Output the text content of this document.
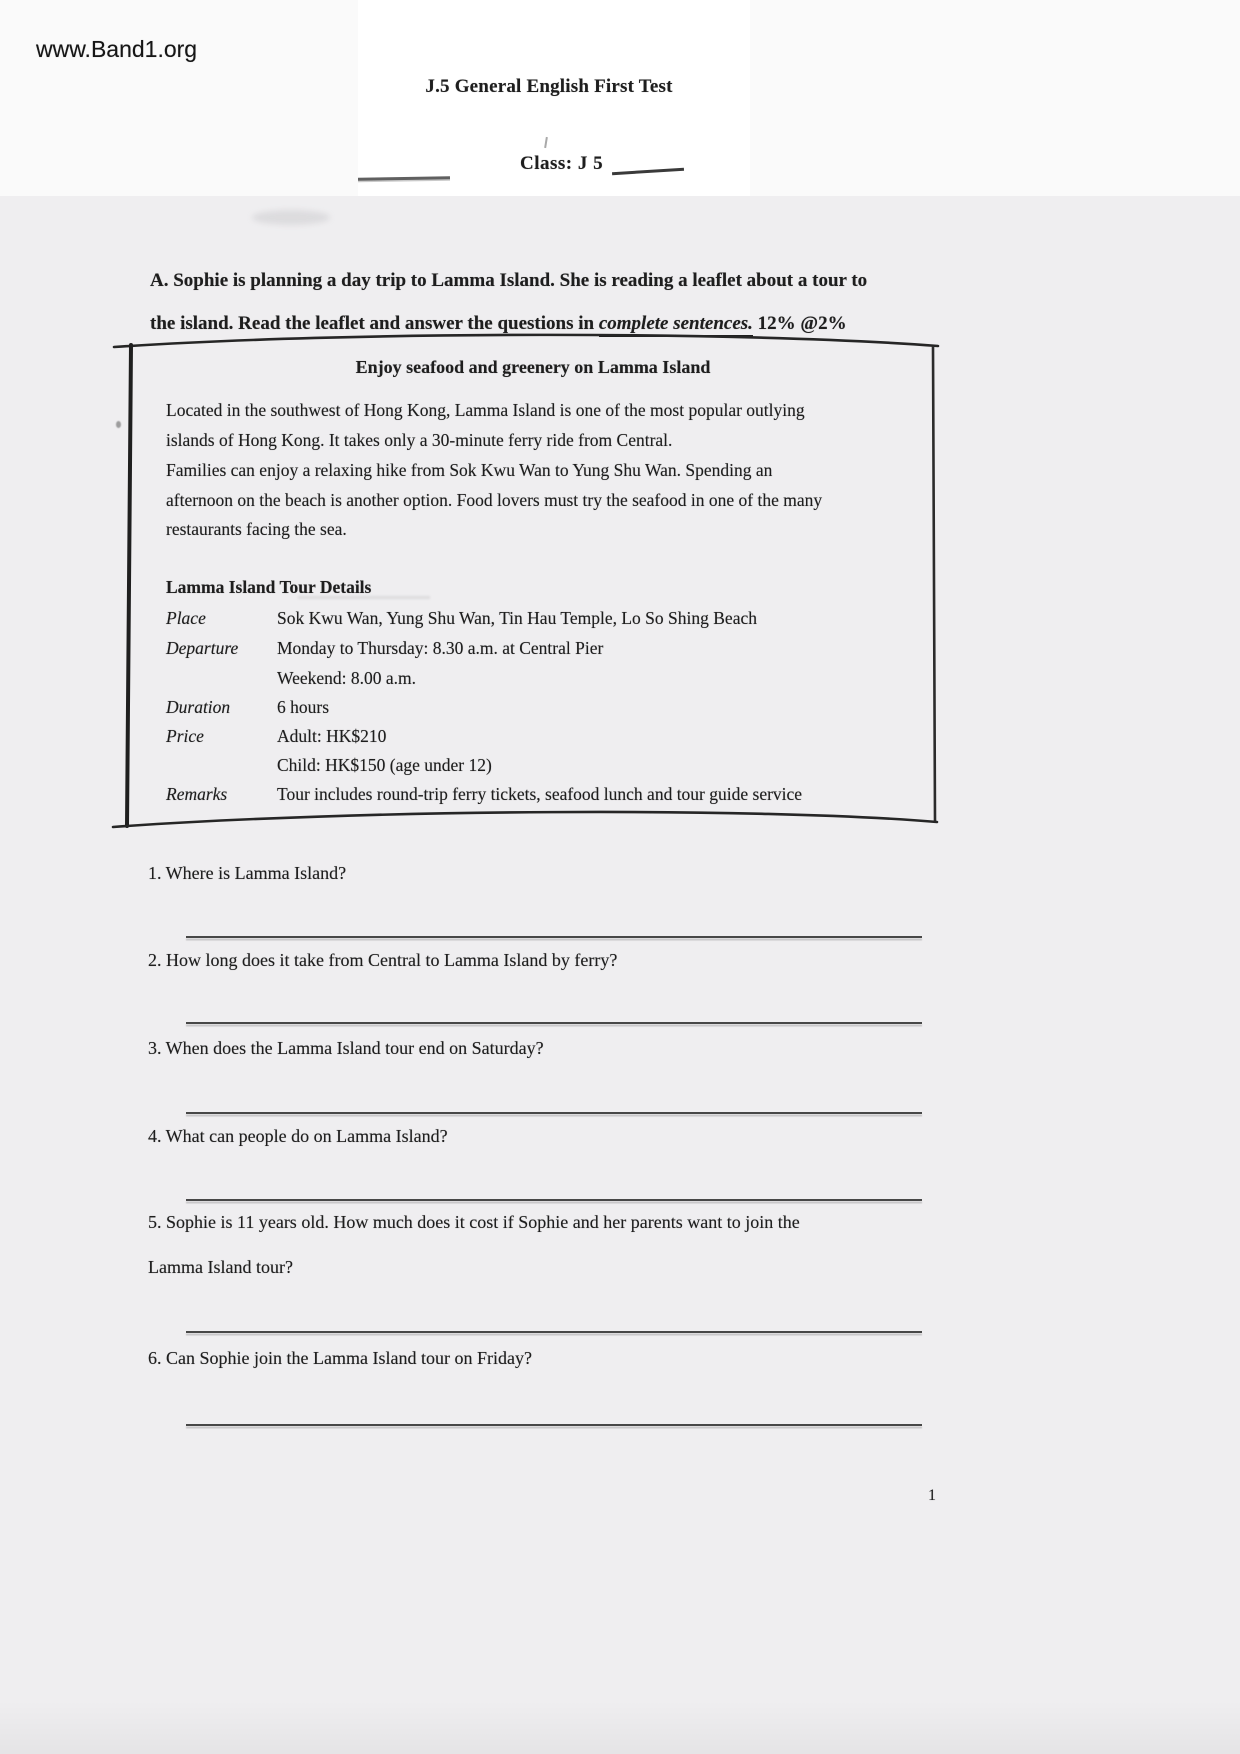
www.Band1.org
J.5 General English First Test
Class: J 5
A. Sophie is planning a day trip to Lamma Island. She is reading a leaflet about a tour to
the island. Read the leaflet and answer the questions in complete sentences. 12% @2%
Enjoy seafood and greenery on Lamma Island
Located in the southwest of Hong Kong, Lamma Island is one of the most popular outlying
islands of Hong Kong. It takes only a 30-minute ferry ride from Central.
Families can enjoy a relaxing hike from Sok Kwu Wan to Yung Shu Wan. Spending an
afternoon on the beach is another option. Food lovers must try the seafood in one of the many
restaurants facing the sea.
Lamma Island Tour Details
Place	Sok Kwu Wan, Yung Shu Wan, Tin Hau Temple, Lo So Shing Beach
Departure Monday to Thursday: 8.30 a.m. at Central Pier
Weekend: 8.00 a.m.
Duration	6 hours
Price	Adult: HK$210
Child: HK$150 (age under 12)
Remarks	Tour includes round-trip ferry tickets, seafood lunch and tour guide service
1. Where is Lamma Island?
2. How long does it take from Central to Lamma Island by ferry?
3. When does the Lamma Island tour end on Saturday?
4. What can people do on Lamma Island?
5. Sophie is 11 years old. How much does it cost if Sophie and her parents want to join the
Lamma Island tour?
6. Can Sophie join the Lamma Island tour on Friday?
1
